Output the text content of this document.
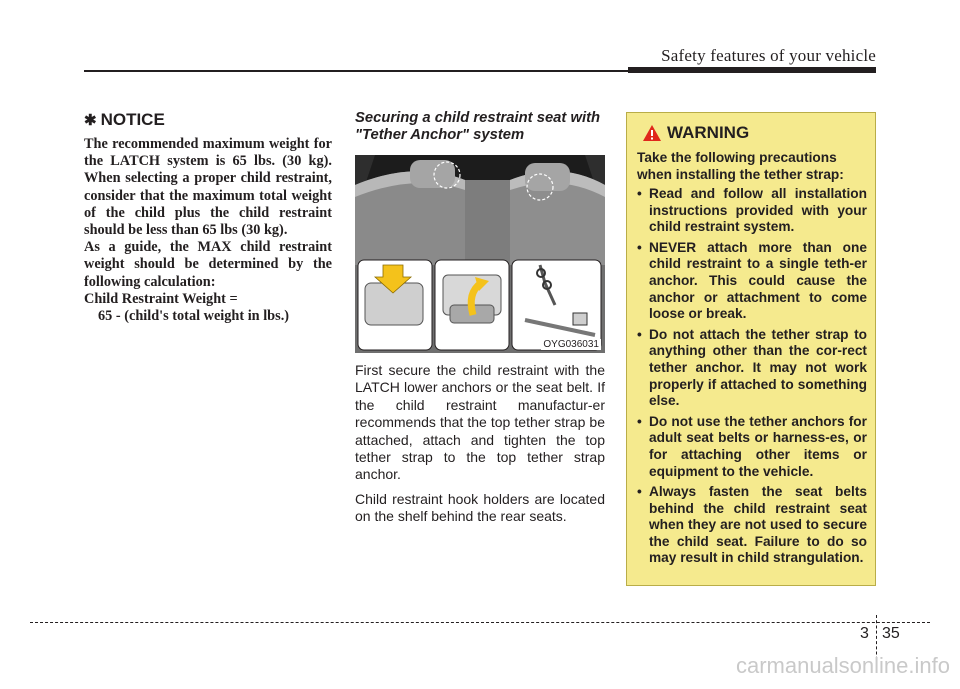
Safety features of your vehicle
✱ NOTICE

The recommended maximum weight for the LATCH system is 65 lbs. (30 kg). When selecting a proper child restraint, consider that the maximum total weight of the child plus the child restraint should be less than 65 lbs (30 kg).

As a guide, the MAX child restraint weight should be determined by the following calculation:

Child Restraint Weight =

65 - (child's total weight in lbs.)

Securing a child restraint seat with "Tether Anchor" system
OYG036031

First secure the child restraint with the LATCH lower anchors or the seat belt. If the child restraint manufactur-er recommends that the top tether strap be attached, attach and tighten the top tether strap to the top tether strap anchor.

Child restraint hook holders are located on the shelf behind the rear seats.

WARNING

Take the following precautions when installing the tether strap:

• Read and follow all installation instructions provided with your child restraint system.
• NEVER attach more than one child restraint to a single teth-er anchor. This could cause the anchor or attachment to come loose or break.
• Do not attach the tether strap to anything other than the cor-rect tether anchor. It may not work properly if attached to something else.
• Do not use the tether anchors for adult seat belts or harness-es, or for attaching other items or equipment to the vehicle.
• Always fasten the seat belts behind the child restraint seat when they are not used to secure the child seat. Failure to do so may result in child strangulation.
3 35
carmanualsonline.info
